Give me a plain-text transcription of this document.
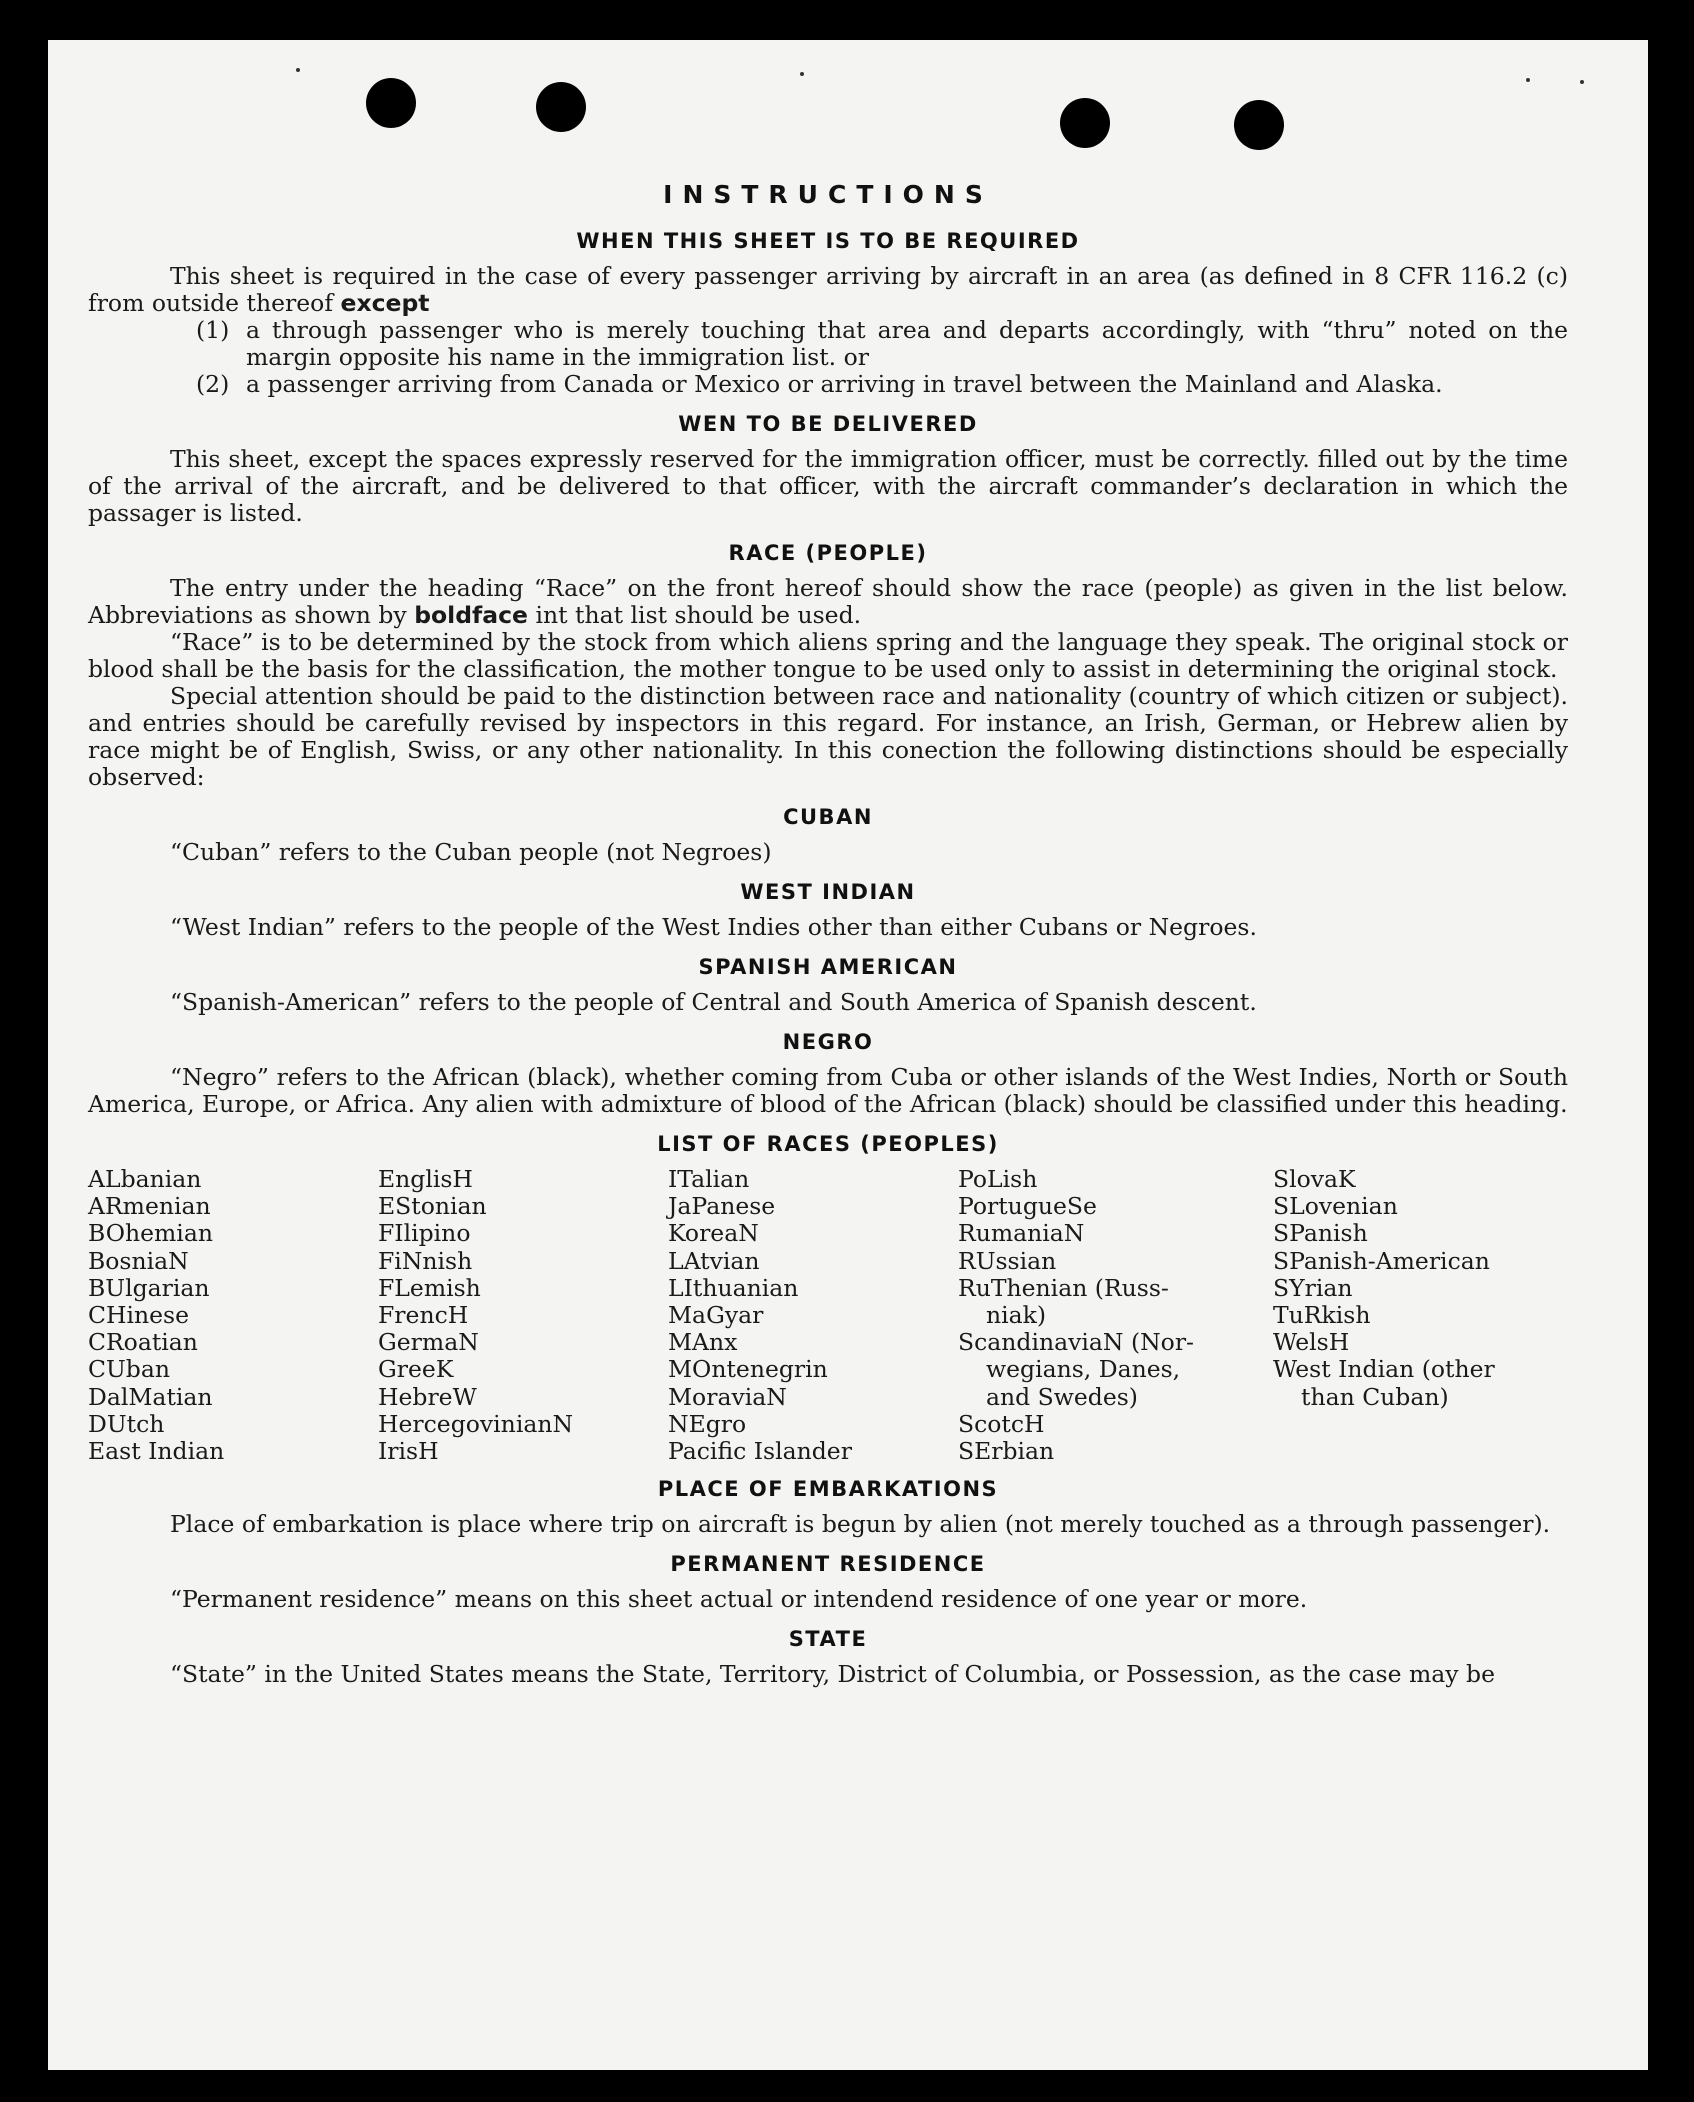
INSTRUCTIONS
WHEN THIS SHEET IS TO BE REQUIRED

This sheet is required in the case of every passenger arriving by aircraft in an area (as defined in 8 CFR 116.2 (c) from outside thereof except

(1) a through passenger who is merely touching that area and departs accordingly, with “thru” noted on the margin opposite his name in the immigration list. or
(2) a passenger arriving from Canada or Mexico or arriving in travel between the Mainland and Alaska.
WEN TO BE DELIVERED

This sheet, except the spaces expressly reserved for the immigration officer, must be correctly. filled out by the time of the arrival of the aircraft, and be delivered to that officer, with the aircraft commander’s declaration in which the passager is listed.

RACE (PEOPLE)

The entry under the heading “Race” on the front hereof should show the race (people) as given in the list below. Abbreviations as shown by boldface int that list should be used.

“Race” is to be determined by the stock from which aliens spring and the language they speak. The original stock or blood shall be the basis for the classification, the mother tongue to be used only to assist in determining the original stock.

Special attention should be paid to the distinction between race and nationality (country of which citizen or subject). and entries should be carefully revised by inspectors in this regard. For instance, an Irish, German, or Hebrew alien by race might be of English, Swiss, or any other nationality. In this conection the following distinctions should be especially observed:

CUBAN

“Cuban” refers to the Cuban people (not Negroes)

WEST INDIAN

“West Indian” refers to the people of the West Indies other than either Cubans or Negroes.

SPANISH AMERICAN

“Spanish-American” refers to the people of Central and South America of Spanish descent.

NEGRO

“Negro” refers to the African (black), whether coming from Cuba or other islands of the West Indies, North or South America, Europe, or Africa. Any alien with admixture of blood of the African (black) should be classified under this heading.

LIST OF RACES (PEOPLES)
ALbanian
ARmenian
BOhemian
BosniaN
BUlgarian
CHinese
CRoatian
CUban
DalMatian
DUtch
East Indian
EnglisH
EStonian
FIlipino
FiNnish
FLemish
FrencH
GermaN
GreeK
HebreW
HercegovinianN
IrisH
ITalian
JaPanese
KoreaN
LAtvian
LIthuanian
MaGyar
MAnx
MOntenegrin
MoraviaN
NEgro
Pacific Islander
PoLish
PortugueSe
RumaniaN
RUssian
RuThenian (Russ-
niak)
ScandinaviaN (Nor-
wegians, Danes,
and Swedes)
ScotcH
SErbian
SlovaK
SLovenian
SPanish
SPanish-American
SYrian
TuRkish
WelsH
West Indian (other
than Cuban)
PLACE OF EMBARKATIONS

Place of embarkation is place where trip on aircraft is begun by alien (not merely touched as a through passenger).

PERMANENT RESIDENCE

“Permanent residence” means on this sheet actual or intendend residence of one year or more.

STATE

“State” in the United States means the State, Territory, District of Columbia, or Possession, as the case may be
